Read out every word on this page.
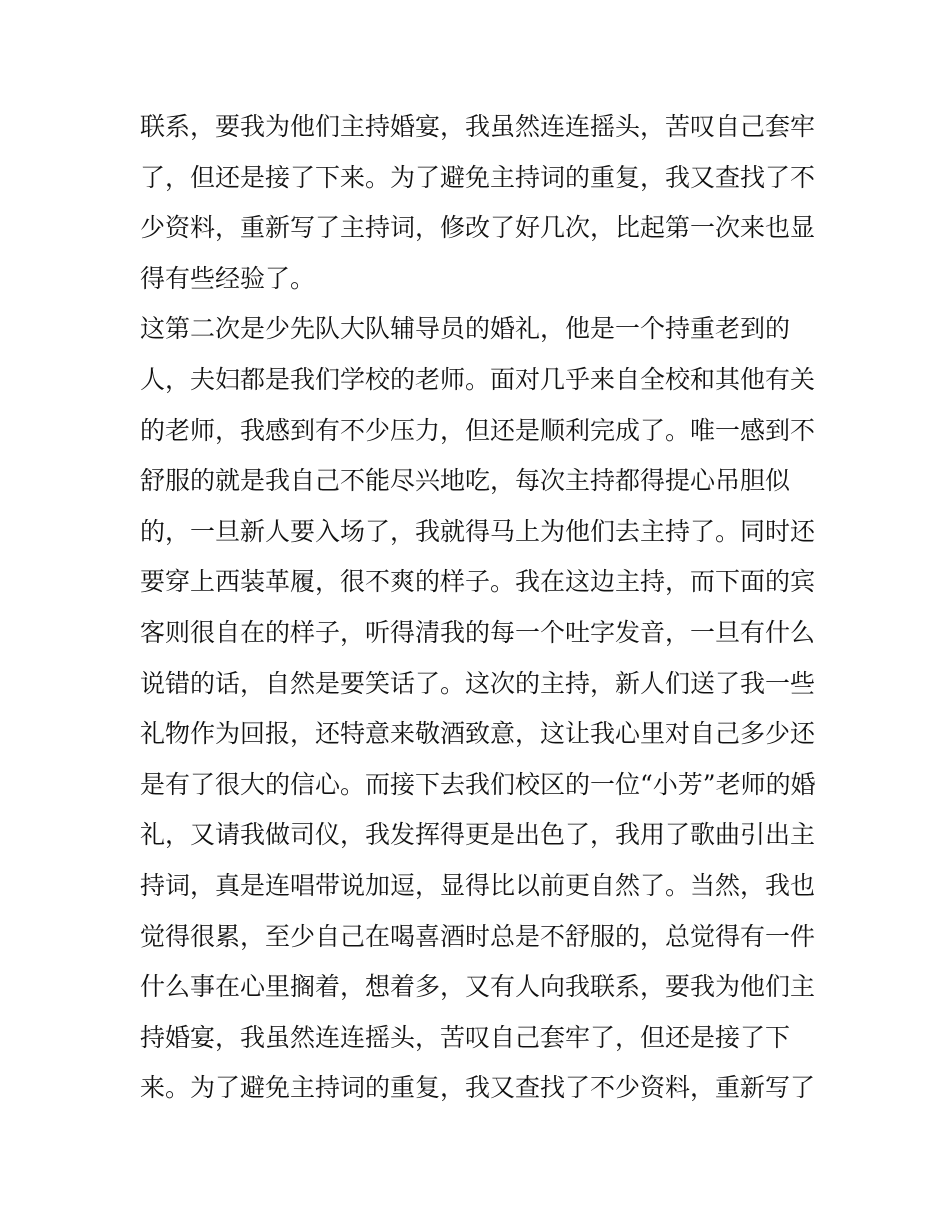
联系，要我为他们主持婚宴，我虽然连连摇头，苦叹自己套牢
了，但还是接了下来。为了避免主持词的重复，我又查找了不
少资料，重新写了主持词，修改了好几次，比起第一次来也显
得有些经验了。
这第二次是少先队大队辅导员的婚礼，他是一个持重老到的
人，夫妇都是我们学校的老师。面对几乎来自全校和其他有关
的老师，我感到有不少压力，但还是顺利完成了。唯一感到不
舒服的就是我自己不能尽兴地吃，每次主持都得提心吊胆似
的，一旦新人要入场了，我就得马上为他们去主持了。同时还
要穿上西装革履，很不爽的样子。我在这边主持，而下面的宾
客则很自在的样子，听得清我的每一个吐字发音，一旦有什么
说错的话，自然是要笑话了。这次的主持，新人们送了我一些
礼物作为回报，还特意来敬酒致意，这让我心里对自己多少还
是有了很大的信心。而接下去我们校区的一位“小芳”老师的婚
礼，又请我做司仪，我发挥得更是出色了，我用了歌曲引出主
持词，真是连唱带说加逗，显得比以前更自然了。当然，我也
觉得很累，至少自己在喝喜酒时总是不舒服的，总觉得有一件
什么事在心里搁着，想着多，又有人向我联系，要我为他们主
持婚宴，我虽然连连摇头，苦叹自己套牢了，但还是接了下
来。为了避免主持词的重复，我又查找了不少资料，重新写了
